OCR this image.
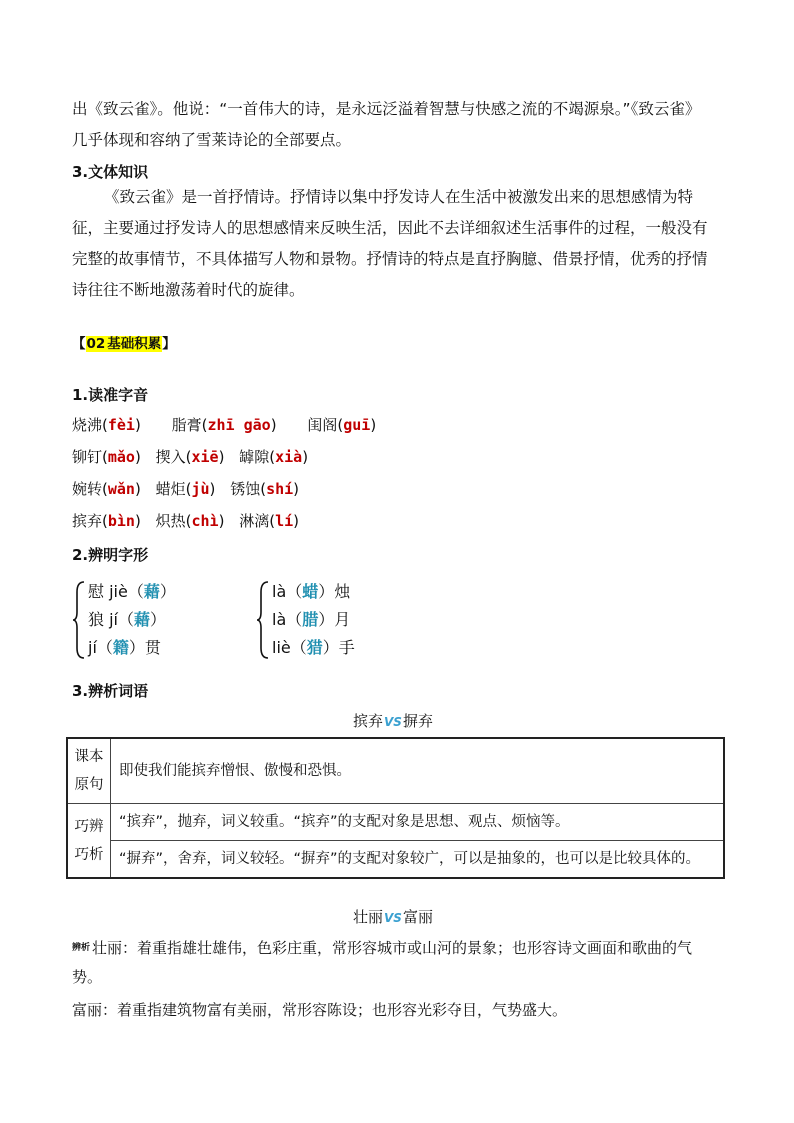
出《致云雀》。他说：“一首伟大的诗，是永远泛溢着智慧与快感之流的不竭源泉。”《致云雀》
几乎体现和容纳了雪莱诗论的全部要点。
3.文体知识
《致云雀》是一首抒情诗。抒情诗以集中抒发诗人在生活中被激发出来的思想感情为特征，主要通过抒发诗人的思想感情来反映生活，因此不去详细叙述生活事件的过程，一般没有完整的故事情节，不具体描写人物和景物。抒情诗的特点是直抒胸臆、借景抒情，优秀的抒情诗往往不断地激荡着时代的旋律。
【02 基础积累】
1.读准字音
烧沸(fèi) 脂膏(zhī gāo) 闺阁(guī)
铆钉(mǎo) 揳入(xiē) 罅隙(xià)
婉转(wǎn) 蜡炬(jù) 锈蚀(shí)
摈弃(bìn) 炽热(chì) 淋漓(lí)
2.辨明字形
慰 jiè（藉）
狼 jí（藉）
jí（籍）贯
là（蜡）烛
là（腊）月
liè（猎）手
3.辨析词语
摈弃VS摒弃
课本
原句	即使我们能摈弃憎恨、傲慢和恐惧。
巧辨
巧析	“摈弃”，抛弃，词义较重。“摈弃”的支配对象是思想、观点、烦恼等。
	“摒弃”，舍弃，词义较轻。“摒弃”的支配对象较广，可以是抽象的，也可以是比较具体的。
壮丽VS富丽
$^{辨析}$ 壮丽：着重指雄壮雄伟，色彩庄重，常形容城市或山河的景象；也形容诗文画面和歌曲的气势。
富丽：着重指建筑物富有美丽，常形容陈设；也形容光彩夺目，气势盛大。
